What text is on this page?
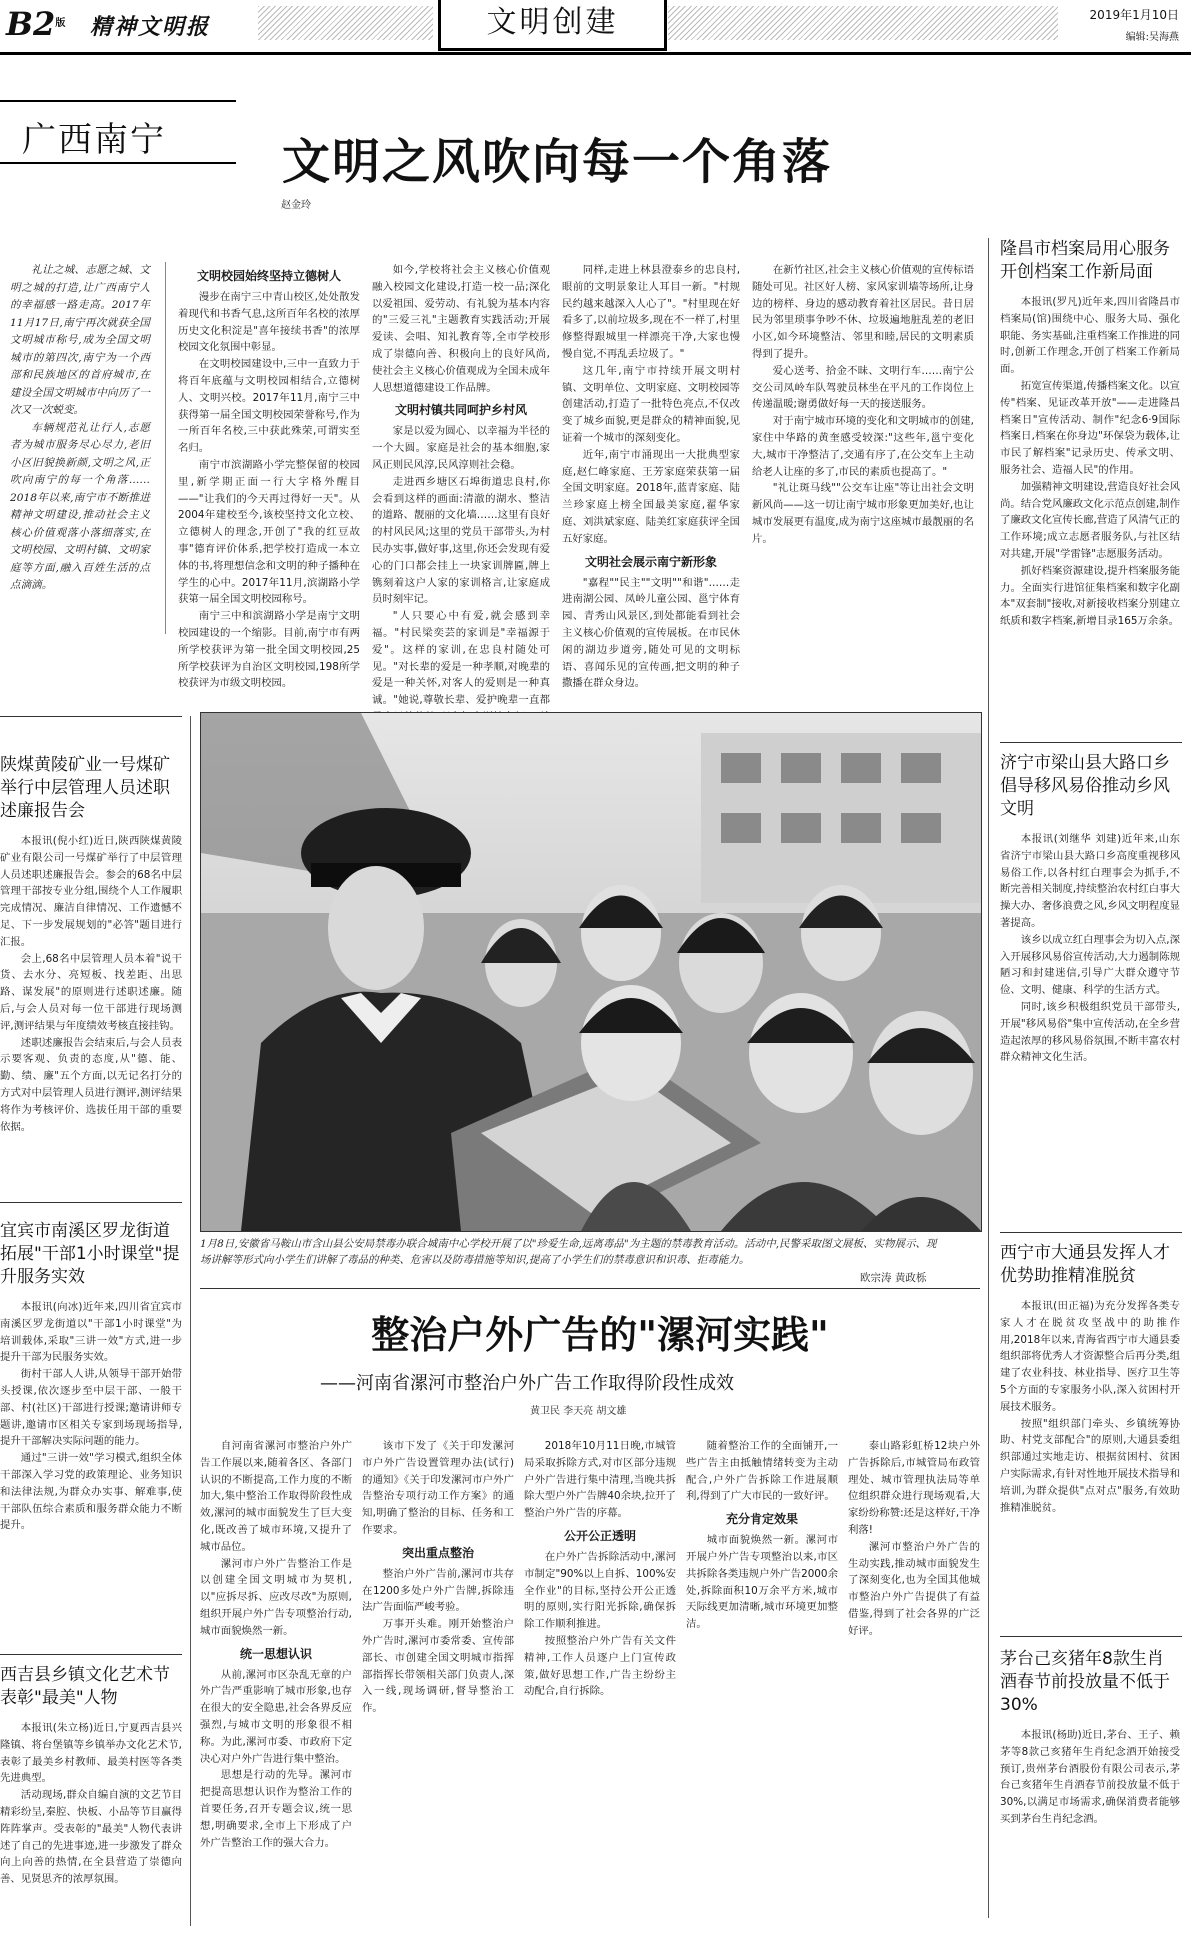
B2版 精神文明报	文明创建	2019年1月10日
编辑:吴海燕
广西南宁 文明之风吹向每一个角落
赵金玲

礼让之城、志愿之城、文明之城的打造,让广西南宁人的幸福感一路走高。2017年11月17日,南宁再次就获全国文明城市称号,成为全国文明城市的第四次,南宁为一个西部和民族地区的首府城市,在建设全国文明城市中向历了一次又一次蜕变。

车辆规范礼让行人,志愿者为城市服务尽心尽力,老旧小区旧貌换新颜,文明之风,正吹向南宁的每一个角落……2018年以来,南宁市不断推进精神文明建设,推动社会主义核心价值观落小落细落实,在文明校园、文明村镇、文明家庭等方面,融入百姓生活的点点滴滴。

文明校园始终坚持立德树人

漫步在南宁三中青山校区,处处散发着现代和书香气息,这所百年名校的浓厚历史文化积淀是"喜年接续书香"的浓厚校园文化氛围中彰显。

在文明校园建设中,三中一直致力于将百年底蕴与文明校园相结合,立德树人、文明兴校。2017年11月,南宁三中获得第一届全国文明校园荣誉称号,作为一所百年名校,三中获此殊荣,可谓实至名归。

南宁市滨湖路小学完整保留的校园里,新学期正面一行大字格外醒目——"让我们的今天再过得好一天"。从2004年建校至今,该校坚持文化立校、立德树人的理念,开创了"我的红豆故事"德育评价体系,把学校打造成一本立体的书,将理想信念和文明的种子播种在学生的心中。2017年11月,滨湖路小学获第一届全国文明校园称号。

南宁三中和滨湖路小学是南宁文明校园建设的一个缩影。目前,南宁市有两所学校获评为第一批全国文明校园,25所学校获评为自治区文明校园,198所学校获评为市级文明校园。

如今,学校将社会主义核心价值观融入校园文化建设,打造一校一品;深化以爱祖国、爱劳动、有礼貌为基本内容的"三爱三礼"主题教育实践活动;开展爱读、会唱、知礼教育等,全市学校形成了崇德向善、积极向上的良好风尚,使社会主义核心价值观成为全国未成年人思想道德建设工作品牌。

文明村镇共同呵护乡村风

家是以爱为圆心、以幸福为半径的一个大圆。家庭是社会的基本细胞,家风正则民风淳,民风淳则社会稳。

走进西乡塘区石埠街道忠良村,你会看到这样的画面:清澈的湖水、整洁的道路、靓丽的文化墙……这里有良好的村风民风;这里的党员干部带头,为村民办实事,做好事,这里,你还会发现有爱心的门口都会挂上一块家训牌匾,牌上镌刻着这户人家的家训格言,让家庭成员时刻牢记。

"人只要心中有爱,就会感到幸福。"村民梁奕芸的家训是"幸福源于爱"。这样的家训,在忠良村随处可见。"对长辈的爱是一种孝顺,对晚辈的爱是一种关怀,对客人的爱则是一种真诚。"她说,尊敬长辈、爱护晚辈一直都

同样,走进上林县澄泰乡的忠良村,眼前的文明景象让人耳目一新。"村规民约越来越深入人心了"。"村里现在好看多了,以前垃圾多,现在不一样了,村里修整得跟城里一样漂亮干净,大家也慢慢自觉,不再乱丢垃圾了。"

这几年,南宁市持续开展文明村镇、文明单位、文明家庭、文明校园等创建活动,打造了一批特色亮点,不仅改变了城乡面貌,更是群众的精神面貌,见证着一个城市的深刻变化。

近年,南宁市涌现出一大批典型家庭,赵仁峰家庭、王芳家庭荣获第一届全国文明家庭。2018年,蓝青家庭、陆兰珍家庭上榜全国最美家庭,翟华家庭、刘洪斌家庭、陆美红家庭获评全国五好家庭。

文明社会展示南宁新形象

"嘉程""民主""文明""和谐"……走进南湖公园、凤岭儿童公园、邕宁体育园、青秀山风景区,到处都能看到社会主义核心价值观的宣传展板。在市民休闲的湖边步道旁,随处可见的文明标语、喜闻乐见的宣传画,把文明的种子撒播在群众身边。

在新竹社区,社会主义核心价值观的宣传标语随处可见。社区好人榜、家风家训墙等场所,让身边的榜样、身边的感动教育着社区居民。昔日居民为邻里琐事争吵不休、垃圾遍地脏乱差的老旧小区,如今环境整洁、邻里和睦,居民的文明素质得到了提升。

爱心送考、拾金不昧、文明行车……南宁公交公司凤岭车队驾驶员林坐在平凡的工作岗位上传递温暖;谢勇做好每一天的接送服务。

对于南宁城市环境的变化和文明城市的创建,家住中华路的黄奎感受较深:"这些年,邕宁变化大,城市干净整洁了,交通有序了,在公交车上主动给老人让座的多了,市民的素质也提高了。"

"礼让斑马线""公交车让座"等让出社会文明新风尚——这一切让南宁城市形象更加美好,也让城市发展更有温度,成为南宁这座城市最靓丽的名片。

隆昌市档案局用心服务开创档案工作新局面

本报讯(罗凡)近年来,四川省隆昌市档案局(馆)围绕中心、服务大局、强化职能、务实基础,注重档案工作推进的同时,创新工作理念,开创了档案工作新局面。

拓宽宣传渠道,传播档案文化。以宣传"档案、见证改革开放"——走进隆昌档案日"宣传活动、制作"纪念6·9国际档案日,档案在你身边"环保袋为载体,让市民了解档案"记录历史、传承文明、服务社会、造福人民"的作用。

加强精神文明建设,营造良好社会风尚。结合党风廉政文化示范点创建,制作了廉政文化宣传长廊,营造了风清气正的工作环境;成立志愿者服务队,与社区结对共建,开展"学雷锋"志愿服务活动。

抓好档案资源建设,提升档案服务能力。全面实行进馆征集档案和数字化副本"双套制"接收,对新接收档案分别建立纸质和数字档案,新增目录165万余条。

济宁市梁山县大路口乡倡导移风易俗推动乡风文明

本报讯(刘继华 刘建)近年来,山东省济宁市梁山县大路口乡高度重视移风易俗工作,以各村红白理事会为抓手,不断完善相关制度,持续整治农村红白事大操大办、奢侈浪费之风,乡风文明程度显著提高。

该乡以成立红白理事会为切入点,深入开展移风易俗宣传活动,大力遏制陈规陋习和封建迷信,引导广大群众遵守节俭、文明、健康、科学的生活方式。

同时,该乡积极组织党员干部带头,开展"移风易俗"集中宣传活动,在全乡营造起浓厚的移风易俗氛围,不断丰富农村群众精神文化生活。

西宁市大通县发挥人才优势助推精准脱贫

本报讯(田正福)为充分发挥各类专家人才在脱贫攻坚战中的助推作用,2018年以来,青海省西宁市大通县委组织部将优秀人才资源整合后再分类,组建了农业科技、林业指导、医疗卫生等5个方面的专家服务小队,深入贫困村开展技术服务。

按照"组织部门牵头、乡镇统筹协助、村党支部配合"的原则,大通县委组织部通过实地走访、根据贫困村、贫困户实际需求,有针对性地开展技术指导和培训,为群众提供"点对点"服务,有效助推精准脱贫。

茅台己亥猪年8款生肖酒春节前投放量不低于30%

本报讯(杨助)近日,茅台、王子、赖茅等8款己亥猪年生肖纪念酒开始接受预订,贵州茅台酒股份有限公司表示,茅台己亥猪年生肖酒春节前投放量不低于30%,以满足市场需求,确保消费者能够买到茅台生肖纪念酒。

陕煤黄陵矿业一号煤矿举行中层管理人员述职述廉报告会

本报讯(倪小红)近日,陕西陕煤黄陵矿业有限公司一号煤矿举行了中层管理人员述职述廉报告会。参会的68名中层管理干部按专业分组,围绕个人工作履职完成情况、廉洁自律情况、工作遗憾不足、下一步发展规划的"必答"题目进行汇报。

会上,68名中层管理人员本着"说干货、去水分、亮短板、找差距、出思路、谋发展"的原则进行述职述廉。随后,与会人员对每一位干部进行现场测评,测评结果与年度绩效考核直接挂钩。

述职述廉报告会结束后,与会人员表示要客观、负责的态度,从"德、能、勤、绩、廉"五个方面,以无记名打分的方式对中层管理人员进行测评,测评结果将作为考核评价、选拔任用干部的重要依据。

宜宾市南溪区罗龙街道拓展"干部1小时课堂"提升服务实效

本报讯(向冰)近年来,四川省宜宾市南溪区罗龙街道以"干部1小时课堂"为培训载体,采取"三讲一效"方式,进一步提升干部为民服务实效。

街村干部人人讲,从领导干部开始带头授课,依次逐步至中层干部、一般干部、村(社区)干部进行授课;邀请讲师专题讲,邀请市区相关专家到场现场指导,提升干部解决实际问题的能力。

通过"三讲一效"学习模式,组织全体干部深入学习党的政策理论、业务知识和法律法规,为群众办实事、解难事,使干部队伍综合素质和服务群众能力不断提升。

西吉县乡镇文化艺术节表彰"最美"人物

本报讯(朱立杨)近日,宁夏西吉县兴隆镇、将台堡镇等乡镇举办文化艺术节,表彰了最美乡村教师、最美村医等各类先进典型。

活动现场,群众自编自演的文艺节目精彩纷呈,秦腔、快板、小品等节目赢得阵阵掌声。受表彰的"最美"人物代表讲述了自己的先进事迹,进一步激发了群众向上向善的热情,在全县营造了崇德向善、见贤思齐的浓厚氛围。

1月8日,安徽省马鞍山市含山县公安局禁毒办联合城南中心学校开展了以"珍爱生命,远离毒品"为主题的禁毒教育活动。活动中,民警采取图文展板、实物展示、现场讲解等形式向小学生们讲解了毒品的种类、危害以及防毒措施等知识,提高了小学生们的禁毒意识和识毒、拒毒能力。
欧宗涛 黄政栎
整治户外广告的"漯河实践"
——河南省漯河市整治户外广告工作取得阶段性成效
黄卫民 李天亮 胡文雄

自河南省漯河市整治户外广告工作展以来,随着各区、各部门认识的不断提高,工作力度的不断加大,集中整治工作取得阶段性成效,漯河的城市面貌发生了巨大变化,既改善了城市环境,又提升了城市品位。

漯河市户外广告整治工作是以创建全国文明城市为契机,以"应拆尽拆、应改尽改"为原则,组织开展户外广告专项整治行动,城市面貌焕然一新。

统一思想认识

从前,漯河市区杂乱无章的户外广告严重影响了城市形象,也存在很大的安全隐患,社会各界反应强烈,与城市文明的形象很不相称。为此,漯河市委、市政府下定决心对户外广告进行集中整治。

思想是行动的先导。漯河市把提高思想认识作为整治工作的首要任务,召开专题会议,统一思想,明确要求,全市上下形成了户外广告整治工作的强大合力。

该市下发了《关于印发漯河市户外广告设置管理办法(试行)的通知》《关于印发漯河市户外广告整治专项行动工作方案》的通知,明确了整治的目标、任务和工作要求。

突出重点整治

整治户外广告前,漯河市共存在1200多处户外广告牌,拆除违法广告面临严峻考验。

万事开头难。刚开始整治户外广告时,漯河市委常委、宣传部部长、市创建全国文明城市指挥部指挥长带领相关部门负责人,深入一线,现场调研,督导整治工作。

2018年10月11日晚,市城管局采取拆除方式,对市区部分违规户外广告进行集中清理,当晚共拆除大型户外广告牌40余块,拉开了整治户外广告的序幕。

公开公正透明

在户外广告拆除活动中,漯河市制定"90%以上自拆、100%安全作业"的目标,坚持公开公正透明的原则,实行阳光拆除,确保拆除工作顺利推进。

按照整治户外广告有关文件精神,工作人员逐户上门宣传政策,做好思想工作,广告主纷纷主动配合,自行拆除。

随着整治工作的全面铺开,一些广告主由抵触情绪转变为主动配合,户外广告拆除工作进展顺利,得到了广大市民的一致好评。

充分肯定效果

城市面貌焕然一新。漯河市开展户外广告专项整治以来,市区共拆除各类违规户外广告2000余处,拆除面积10万余平方米,城市天际线更加清晰,城市环境更加整洁。

泰山路彩虹桥12块户外广告拆除后,市城管局布政管理处、城市管理执法局等单位组织群众进行现场观看,大家纷纷称赞:还是这样好,干净利落!

漯河市整治户外广告的生动实践,推动城市面貌发生了深刻变化,也为全国其他城市整治户外广告提供了有益借鉴,得到了社会各界的广泛好评。
